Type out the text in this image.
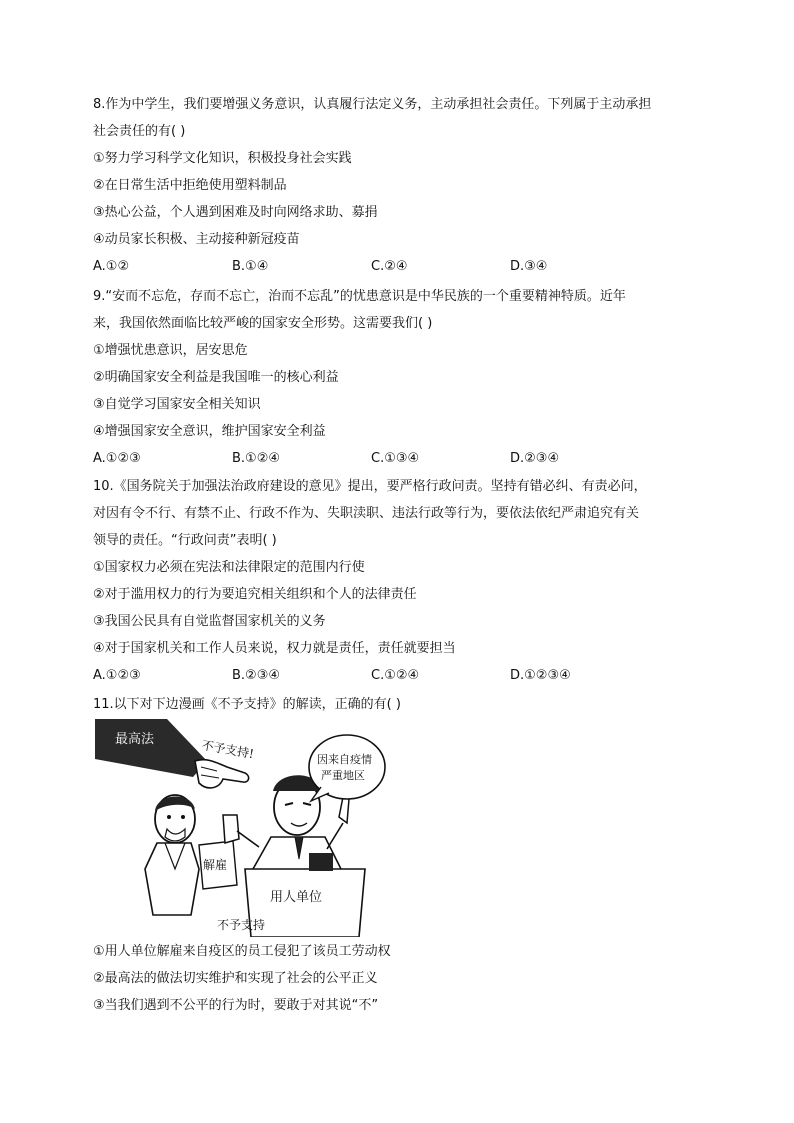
8.作为中学生，我们要增强义务意识，认真履行法定义务，主动承担社会责任。下列属于主动承担
社会责任的有( )
①努力学习科学文化知识，积极投身社会实践
②在日常生活中拒绝使用塑料制品
③热心公益，个人遇到困难及时向网络求助、募捐
④动员家长积极、主动接种新冠疫苗
A.①②	B.①④	C.②④	D.③④
9.“安而不忘危，存而不忘亡，治而不忘乱”的忧患意识是中华民族的一个重要精神特质。近年
来，我国依然面临比较严峻的国家安全形势。这需要我们( )
①增强忧患意识，居安思危
②明确国家安全利益是我国唯一的核心利益
③自觉学习国家安全相关知识
④增强国家安全意识，维护国家安全利益
A.①②③	B.①②④	C.①③④	D.②③④
10.《国务院关于加强法治政府建设的意见》提出，要严格行政问责。坚持有错必纠、有责必问，
对因有令不行、有禁不止、行政不作为、失职渎职、违法行政等行为，要依法依纪严肃追究有关
领导的责任。“行政问责”表明( )
①国家权力必须在宪法和法律限定的范围内行使
②对于滥用权力的行为要追究相关组织和个人的法律责任
③我国公民具有自觉监督国家机关的义务
④对于国家机关和工作人员来说，权力就是责任，责任就要担当
A.①②③	B.②③④	C.①②④	D.①②③④
11.以下对下边漫画《不予支持》的解读，正确的有( )
最高法	不予支持!
解雇
因来自疫情
严重地区
用人单位
不予支持
①用人单位解雇来自疫区的员工侵犯了该员工劳动权
②最高法的做法切实维护和实现了社会的公平正义
③当我们遇到不公平的行为时，要敢于对其说“不”
